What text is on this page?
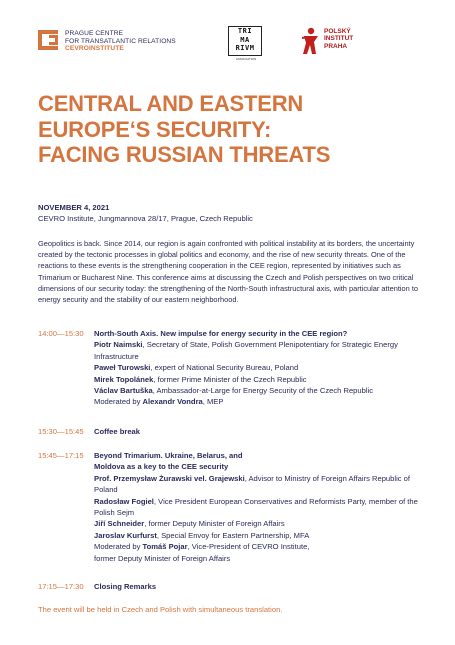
PRAGUE CENTRE
FOR TRANSATLANTIC RELATIONS
CEVROINSTITUTE
TRI
MA
RIVM
ASSOCIATION
POLSKÝ
INSTITUT
PRAHA
CENTRAL AND EASTERN
EUROPE‘S SECURITY:
FACING RUSSIAN THREATS
NOVEMBER 4, 2021
CEVRO Institute, Jungmannova 28/17, Prague, Czech Republic
Geopolitics is back. Since 2014, our region is again confronted with political instability at its borders, the uncertainty created by the tectonic processes in global politics and economy, and the rise of new security threats. One of the reactions to these events is the strengthening cooperation in the CEE region, represented by initiatives such as Trimarium or Bucharest Nine. This conference aims at discussing the Czech and Polish perspectives on two critical dimensions of our security today: the strengthening of the North-South infrastructural axis, with particular attention to energy security and the stability of our eastern neighborhood.
14:00—15:30 North-South Axis. New impulse for energy security in the CEE region?
Piotr Naimski, Secretary of State, Polish Government Plenipotentiary for Strategic Energy Infrastructure
Paweł Turowski, expert of National Security Bureau, Poland
Mirek Topolánek, former Prime Minister of the Czech Republic
Václav Bartuška, Ambassador-at-Large for Energy Security of the Czech Republic
Moderated by Alexandr Vondra, MEP
15:30—15:45 Coffee break
15:45—17:15 Beyond Trimarium. Ukraine, Belarus, and
Moldova as a key to the CEE security
Prof. Przemysław Żurawski vel. Grajewski, Advisor to Ministry of Foreign Affairs Republic of Poland
Radosław Fogiel, Vice President European Conservatives and Reformists Party, member of the Polish Sejm
Jiří Schneider, former Deputy Minister of Foreign Affairs
Jaroslav Kurfurst, Special Envoy for Eastern Partnership, MFA
Moderated by Tomáš Pojar, Vice-President of CEVRO Institute,
former Deputy Minister of Foreign Affairs
17:15—17:30 Closing Remarks
The event will be held in Czech and Polish with simultaneous translation.
